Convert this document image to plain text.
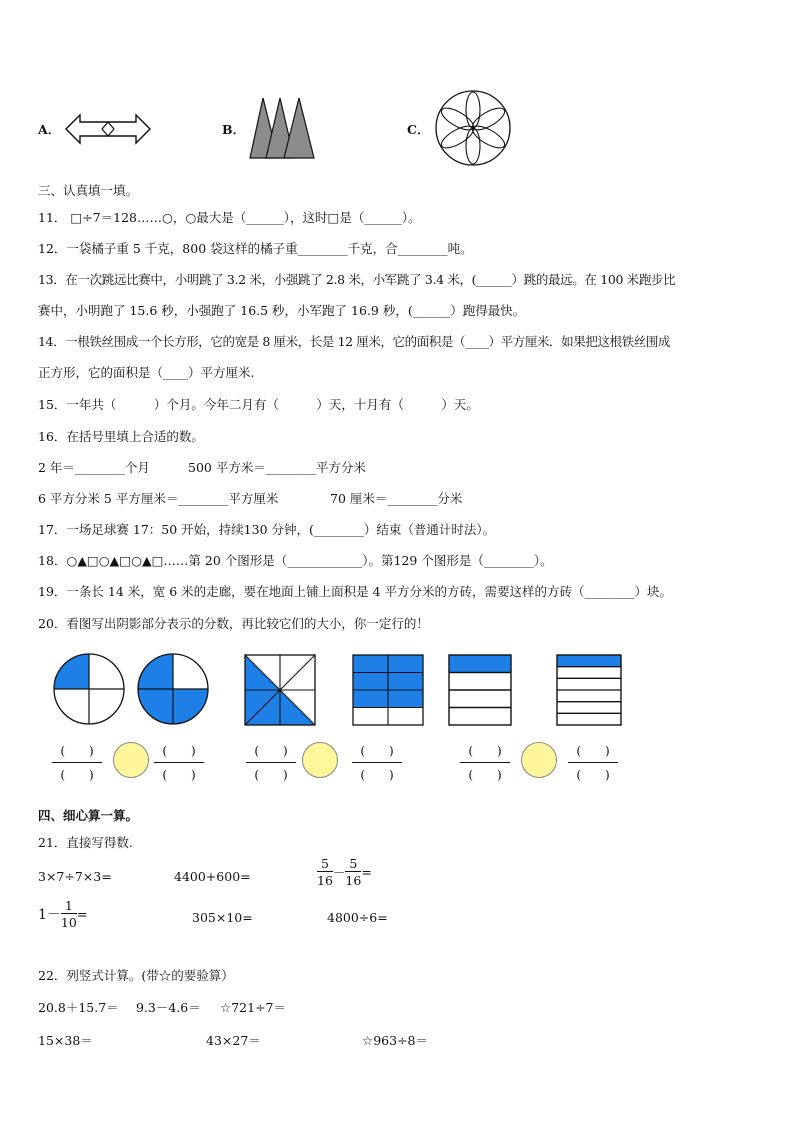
A．	B．	C．
三、认真填一填。
11． □÷7＝128……○，○最大是（______），这时□是（______）。
12．一袋橘子重 5 千克，800 袋这样的橘子重________千克，合________吨。
13．在一次跳远比赛中，小明跳了 3.2 米，小强跳了 2.8 米，小军跳了 3.4 米，(______）跳的最远。在 100 米跑步比
赛中，小明跑了 15.6 秒，小强跑了 16.5 秒，小军跑了 16.9 秒，(______）跑得最快。
14．一根铁丝围成一个长方形，它的宽是 8 厘米，长是 12 厘米，它的面积是（____）平方厘米．如果把这根铁丝围成
正方形，它的面积是（____）平方厘米.
15．一年共（　　　）个月。今年二月有（　　　）天，十月有（　　　）天。
16．在括号里填上合适的数。
2 年＝________个月	500 平方米＝________平方分米
6 平方分米 5 平方厘米＝________平方厘米	70 厘米＝________分米
17．一场足球赛 17：50 开始，持续130 分钟，(________）结束（普通计时法）。
18．○▲□○▲□○▲□……第 20 个图形是（____________）。第129 个图形是（________）。
19．一条长 14 米，宽 6 米的走廊，要在地面上铺上面积是 4 平方分米的方砖，需要这样的方砖（________）块。
20．看图写出阴影部分表示的分数，再比较它们的大小，你一定行的！
(　　)
(　　)
(　　)
(　　)
(　　)
(　　)
(　　)
(　　)
(　　)
(　　)
(　　)
(　　)
四、细心算一算。
21．直接写得数.
3×7÷7×3=	4400+600=	$\frac{5}{16} - \frac{5}{16}$ =
$1- \frac{1}{10}$ =	305×10=	4800÷6=
22．列竖式计算。(带☆的要验算）
20.8＋15.7＝ 9.3－4.6＝ ☆721÷7＝
15×38＝	43×27＝	☆963÷8＝
